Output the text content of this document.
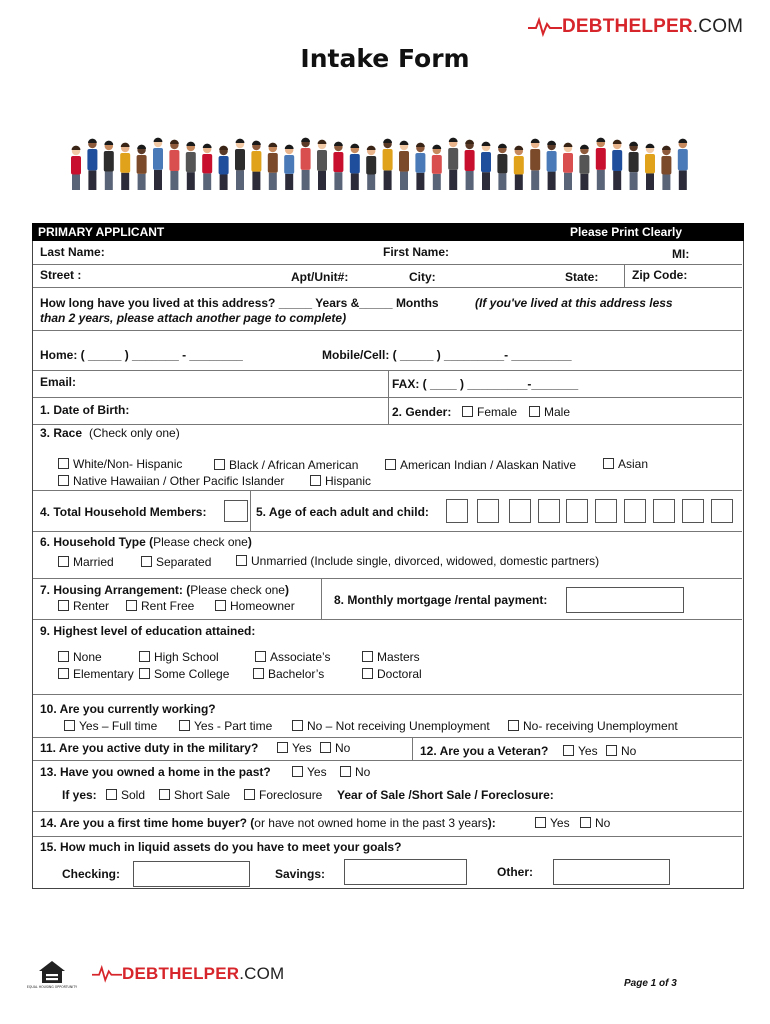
DEBTHELPER.COM
Intake Form
PRIMARY APPLICANT	Please Print Clearly
Last Name:	First Name:	MI:
Street :	Apt/Unit#:	City:	State:	Zip Code:
How long have you lived at this address? _____ Years &_____ Months	(If you've lived at this address less
than 2 years, please attach another page to complete)
Home: ( _____ ) _______ - ________	Mobile/Cell: ( _____ ) _________- _________
Email:	FAX: ( ____ ) _________-_______
1. Date of Birth:	2. Gender:	Female	Male
3. Race (Check only one)
White/Non- Hispanic	Black / African American	American Indian / Alaskan Native	Asian
Native Hawaiian / Other Pacific Islander	Hispanic
4. Total Household Members:	5. Age of each adult and child:
6. Household Type (Please check one)
Married	Separated	Unmarried (Include single, divorced, widowed, domestic partners)
7. Housing Arrangement: (Please check one)
Renter	Rent Free	Homeowner	8. Monthly mortgage /rental payment:
9. Highest level of education attained:
None	High School	Associate’s	Masters
Elementary	Some College	Bachelor’s	Doctoral
10. Are you currently working?
Yes – Full time	Yes - Part time	No – Not receiving Unemployment	No- receiving Unemployment
11. Are you active duty in the military?	Yes	No	12. Are you a Veteran?	Yes	No
13. Have you owned a home in the past?	Yes	No
If yes:	Sold	Short Sale	Foreclosure Year of Sale /Short Sale / Foreclosure:
14. Are you a first time home buyer? (or have not owned home in the past 3 years):	Yes	No
15. How much in liquid assets do you have to meet your goals?
Checking:	Savings:	Other:
EQUAL HOUSING OPPORTUNITY
DEBTHELPER.COM
Page 1 of 3
